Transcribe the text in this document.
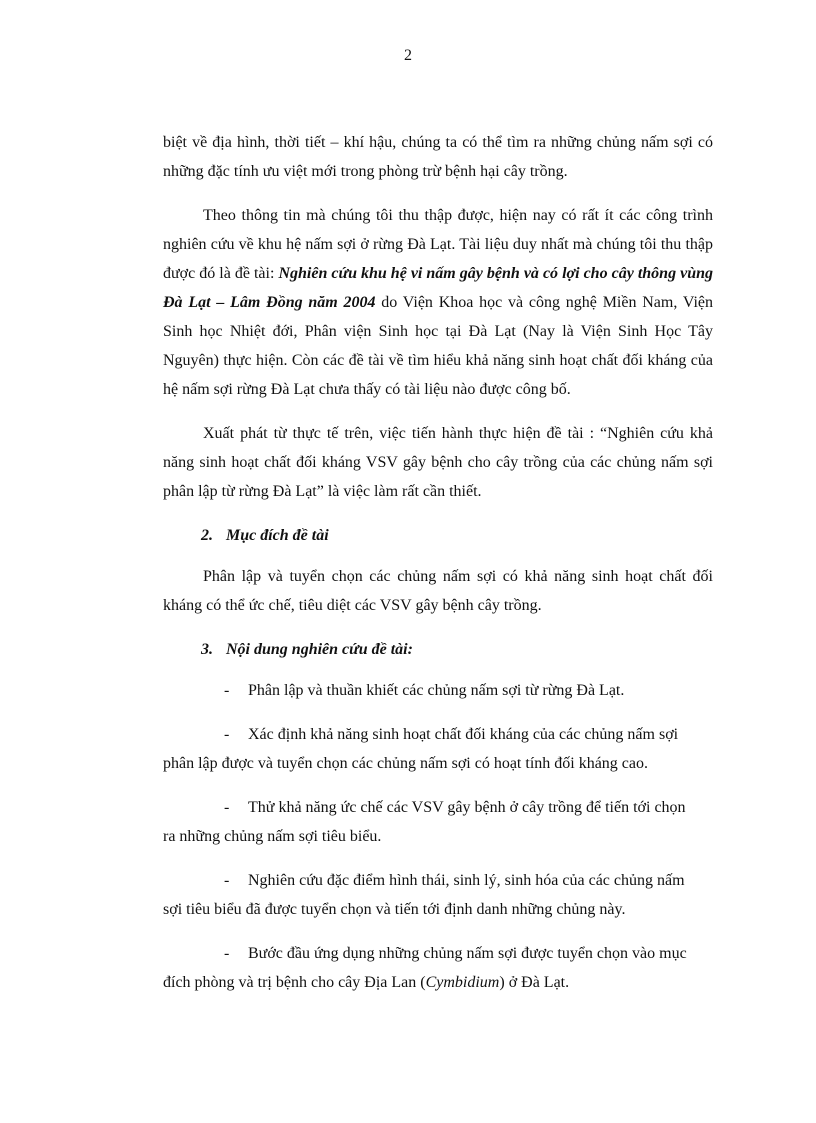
2

biệt về địa hình, thời tiết – khí hậu, chúng ta có thể tìm ra những chủng nấm sợi có những đặc tính ưu việt mới trong phòng trừ bệnh hại cây trồng.

Theo thông tin mà chúng tôi thu thập được, hiện nay có rất ít các công trình nghiên cứu về khu hệ nấm sợi ở rừng Đà Lạt. Tài liệu duy nhất mà chúng tôi thu thập được đó là đề tài: Nghiên cứu khu hệ vi nấm gây bệnh và có lợi cho cây thông vùng Đà Lạt – Lâm Đồng năm 2004 do Viện Khoa học và công nghệ Miền Nam, Viện Sinh học Nhiệt đới, Phân viện Sinh học tại Đà Lạt (Nay là Viện Sinh Học Tây Nguyên) thực hiện. Còn các đề tài về tìm hiểu khả năng sinh hoạt chất đối kháng của hệ nấm sợi rừng Đà Lạt chưa thấy có tài liệu nào được công bố.

Xuất phát từ thực tế trên, việc tiến hành thực hiện đề tài : “Nghiên cứu khả năng sinh hoạt chất đối kháng VSV gây bệnh cho cây trồng của các chủng nấm sợi phân lập từ rừng Đà Lạt” là việc làm rất cần thiết.

2. Mục đích đề tài

Phân lập và tuyển chọn các chủng nấm sợi có khả năng sinh hoạt chất đối kháng có thể ức chế, tiêu diệt các VSV gây bệnh cây trồng.

3. Nội dung nghiên cứu đề tài:
- Phân lập và thuần khiết các chủng nấm sợi từ rừng Đà Lạt.
- Xác định khả năng sinh hoạt chất đối kháng của các chủng nấm sợi
phân lập được và tuyển chọn các chủng nấm sợi có hoạt tính đối kháng cao.
- Thử khả năng ức chế các VSV gây bệnh ở cây trồng để tiến tới chọn
ra những chủng nấm sợi tiêu biểu.
- Nghiên cứu đặc điểm hình thái, sinh lý, sinh hóa của các chủng nấm
sợi tiêu biểu đã được tuyển chọn và tiến tới định danh những chủng này.
- Bước đầu ứng dụng những chủng nấm sợi được tuyển chọn vào mục
đích phòng và trị bệnh cho cây Địa Lan (Cymbidium) ở Đà Lạt.
